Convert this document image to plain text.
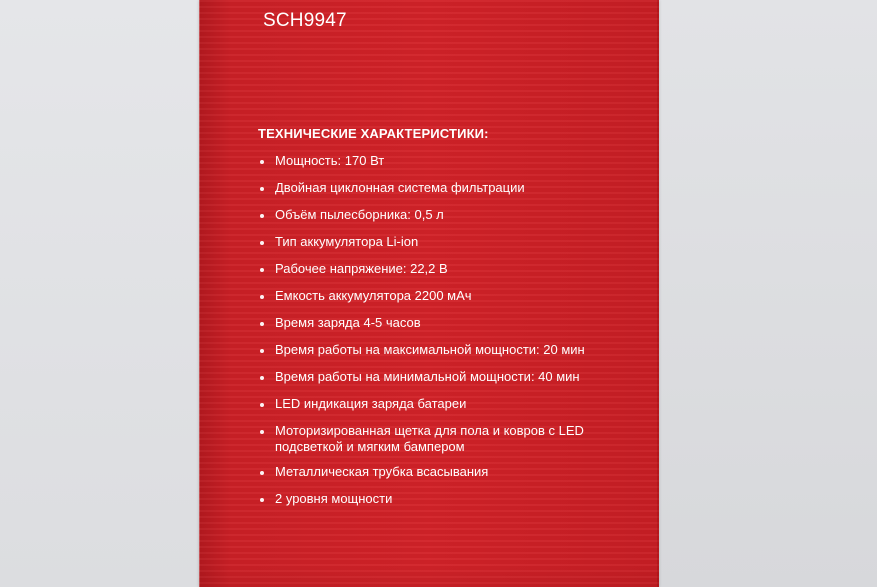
SCH9947
ТЕХНИЧЕСКИЕ ХАРАКТЕРИСТИКИ:
Мощность: 170 Вт
Двойная циклонная система фильтрации
Объём пылесборника: 0,5 л
Тип аккумулятора Li-ion
Рабочее напряжение: 22,2 В
Емкость аккумулятора 2200 мАч
Время заряда 4-5 часов
Время работы на максимальной мощности: 20 мин
Время работы на минимальной мощности: 40 мин
LED индикация заряда батареи
Моторизированная щетка для пола и ковров с LED подсветкой и мягким бампером
Металлическая трубка всасывания
2 уровня мощности
